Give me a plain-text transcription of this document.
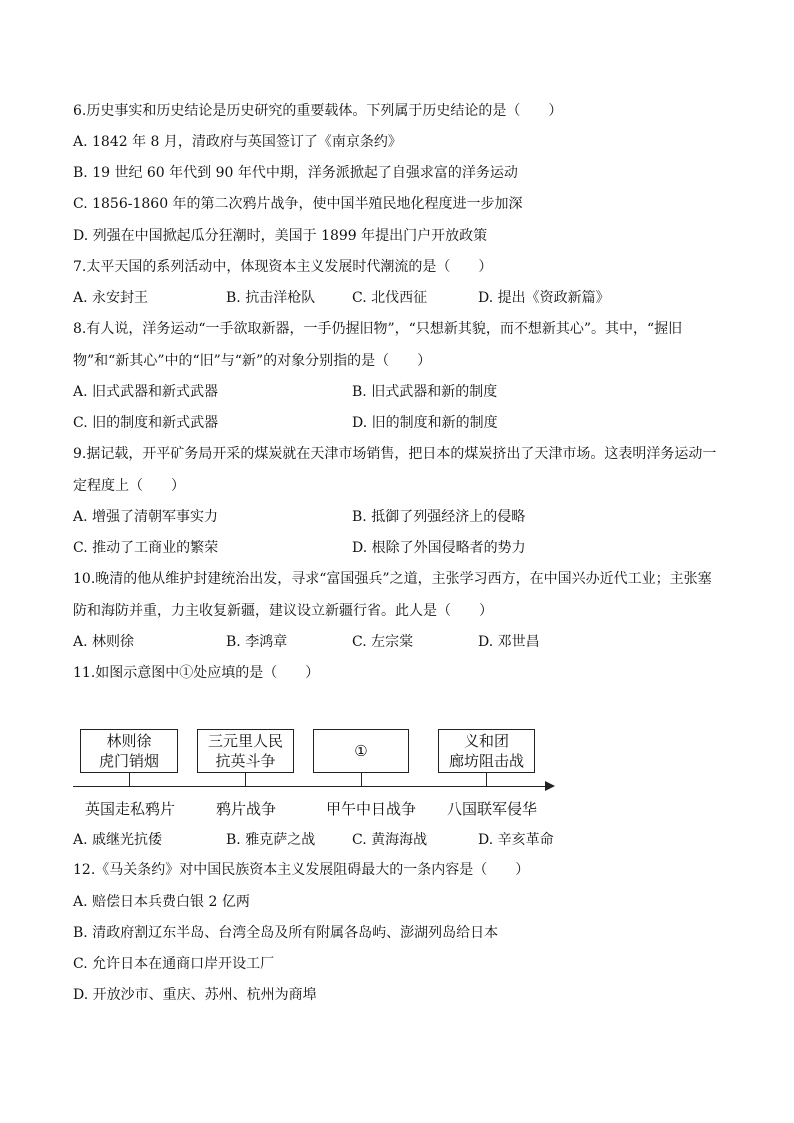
6.历史事实和历史结论是历史研究的重要载体。下列属于历史结论的是（　　）
A. 1842 年 8 月，清政府与英国签订了《南京条约》
B. 19 世纪 60 年代到 90 年代中期，洋务派掀起了自强求富的洋务运动
C. 1856-1860 年的第二次鸦片战争，使中国半殖民地化程度进一步加深
D. 列强在中国掀起瓜分狂潮时，美国于 1899 年提出门户开放政策
7.太平天国的系列活动中，体现资本主义发展时代潮流的是（　　）
A. 永安封王	B. 抗击洋枪队	C. 北伐西征	D. 提出《资政新篇》
8.有人说，洋务运动“一手欲取新器，一手仍握旧物”，“只想新其貌，而不想新其心”。其中，“握旧
物”和“新其心”中的“旧”与“新”的对象分别指的是（　　）
A. 旧式武器和新式武器	B. 旧式武器和新的制度
C. 旧的制度和新式武器	D. 旧的制度和新的制度
9.据记载，开平矿务局开采的煤炭就在天津市场销售，把日本的煤炭挤出了天津市场。这表明洋务运动一
定程度上（　　）
A. 增强了清朝军事实力	B. 抵御了列强经济上的侵略
C. 推动了工商业的繁荣	D. 根除了外国侵略者的势力
10.晚清的他从维护封建统治出发，寻求“富国强兵”之道，主张学习西方，在中国兴办近代工业；主张塞
防和海防并重，力主收复新疆，建议设立新疆行省。此人是（　　）
A. 林则徐	B. 李鸿章	C. 左宗棠	D. 邓世昌
11.如图示意图中①处应填的是（　　）
林则徐
虎门销烟
三元里人民
抗英斗争
①
义和团
廊坊阻击战
英国走私鸦片	鸦片战争	甲午中日战争 八国联军侵华
A. 戚继光抗倭	B. 雅克萨之战	C. 黄海海战	D. 辛亥革命
12.《马关条约》对中国民族资本主义发展阻碍最大的一条内容是（　　）
A. 赔偿日本兵费白银 2 亿两
B. 清政府割辽东半岛、台湾全岛及所有附属各岛屿、澎湖列岛给日本
C. 允许日本在通商口岸开设工厂
D. 开放沙市、重庆、苏州、杭州为商埠
